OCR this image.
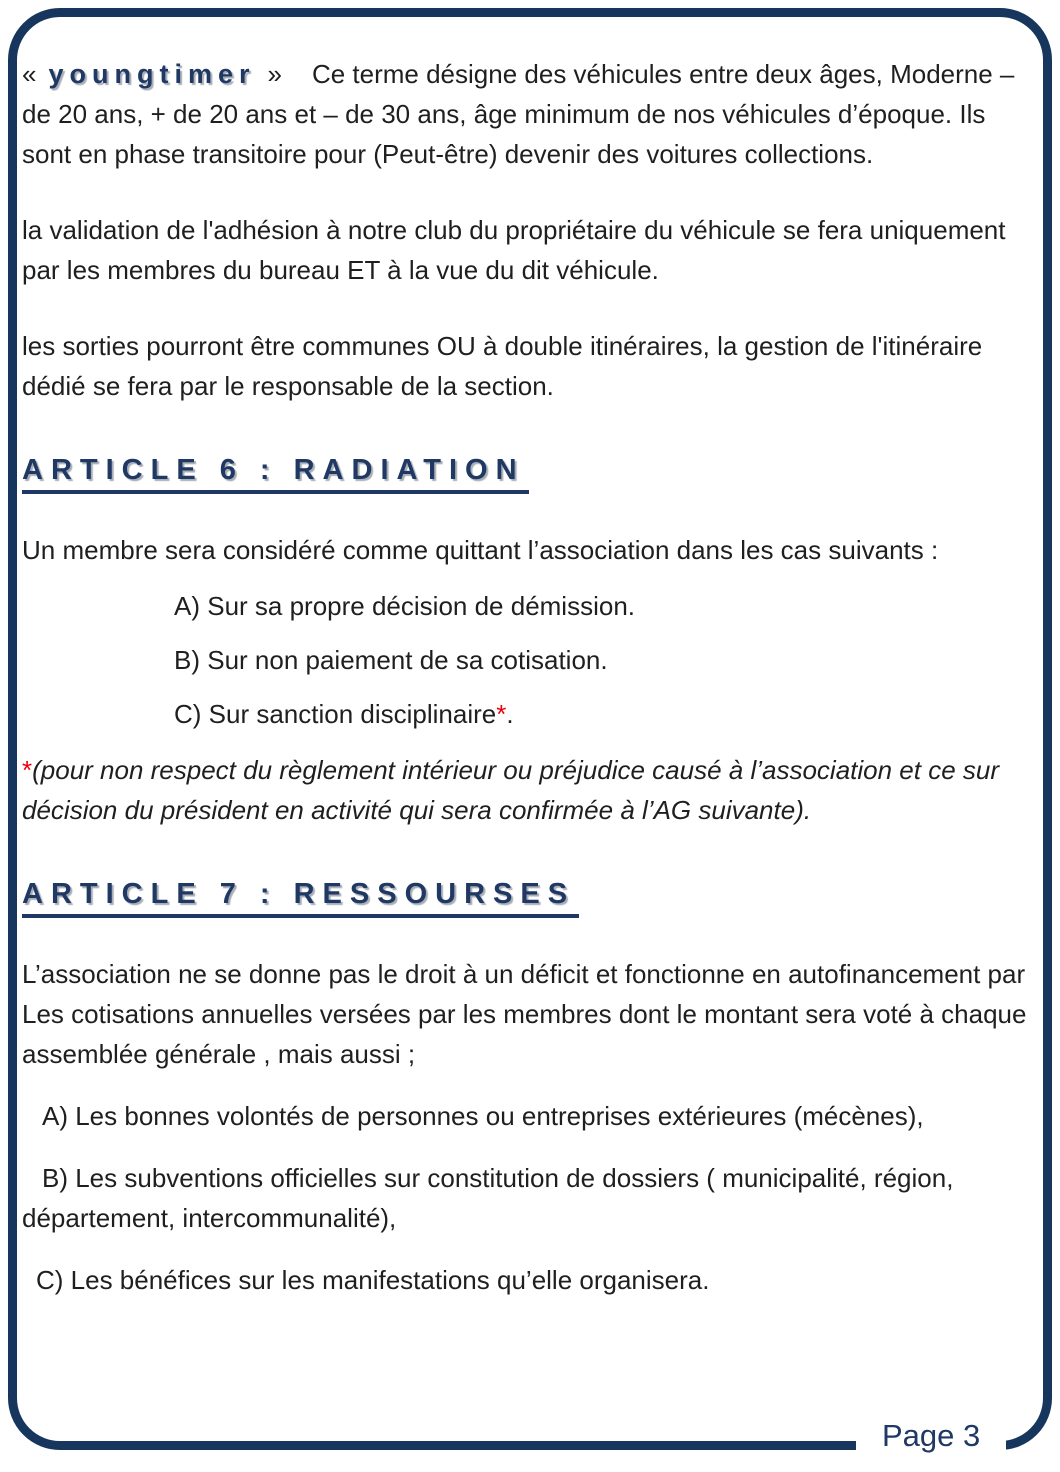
« youngtimer » Ce terme désigne des véhicules entre deux âges, Moderne – de 20 ans, + de 20 ans et – de 30 ans, âge minimum de nos véhicules d’époque. Ils sont en phase transitoire pour (Peut-être) devenir des voitures collections.

la validation de l'adhésion à notre club du propriétaire du véhicule se fera uniquement par les membres du bureau ET à la vue du dit véhicule.

les sorties pourront être communes OU à double itinéraires, la gestion de l'itinéraire dédié se fera par le responsable de la section.

ARTICLE 6 : RADIATION

Un membre sera considéré comme quittant l’association dans les cas suivants :

A) Sur sa propre décision de démission.
B) Sur non paiement de sa cotisation.
C) Sur sanction disciplinaire*.

*(pour non respect du règlement intérieur ou préjudice causé à l’association et ce sur décision du président en activité qui sera confirmée à l’AG suivante).

ARTICLE 7 : RESSOURSES

L’association ne se donne pas le droit à un déficit et fonctionne en autofinancement par Les cotisations annuelles versées par les membres dont le montant sera voté à chaque assemblée générale , mais aussi ;

A) Les bonnes volontés de personnes ou entreprises extérieures (mécènes),
B) Les subventions officielles sur constitution de dossiers ( municipalité, région, département, intercommunalité),
C) Les bénéfices sur les manifestations qu’elle organisera.
Page 3
